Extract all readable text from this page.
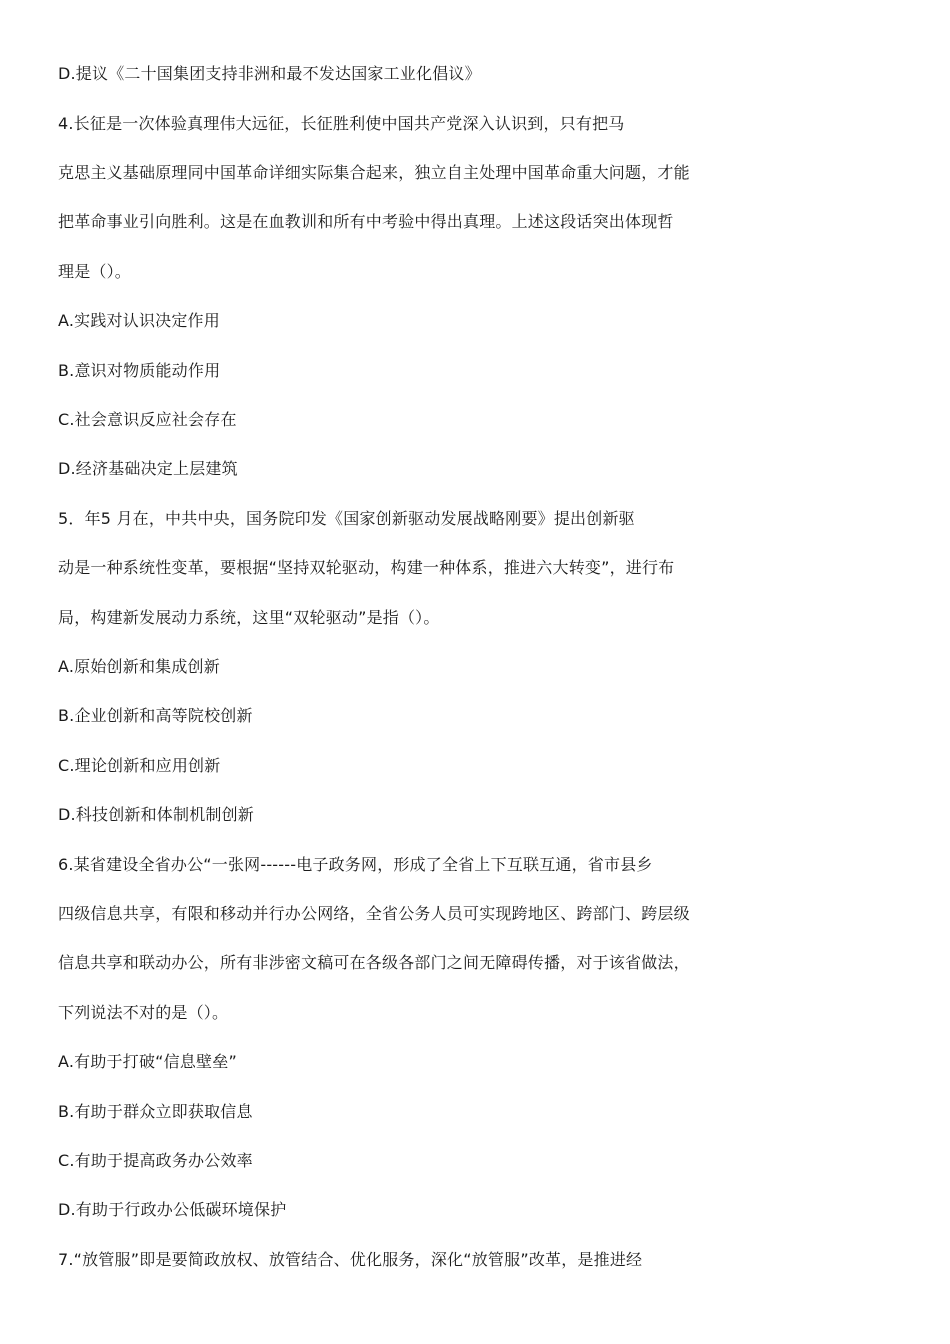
D.提议《二十国集团支持非洲和最不发达国家工业化倡议》
4.长征是一次体验真理伟大远征，长征胜利使中国共产党深入认识到，只有把马
克思主义基础原理同中国革命详细实际集合起来，独立自主处理中国革命重大问题，才能
把革命事业引向胜利。这是在血教训和所有中考验中得出真理。上述这段话突出体现哲
理是（）。
A.实践对认识决定作用
B.意识对物质能动作用
C.社会意识反应社会存在
D.经济基础决定上层建筑
5．年5 月在，中共中央，国务院印发《国家创新驱动发展战略刚要》提出创新驱
动是一种系统性变革，要根据“坚持双轮驱动，构建一种体系，推进六大转变”，进行布
局，构建新发展动力系统，这里“双轮驱动”是指（）。
A.原始创新和集成创新
B.企业创新和高等院校创新
C.理论创新和应用创新
D.科技创新和体制机制创新
6.某省建设全省办公“一张网------电子政务网，形成了全省上下互联互通，省市县乡
四级信息共享，有限和移动并行办公网络，全省公务人员可实现跨地区、跨部门、跨层级
信息共享和联动办公，所有非涉密文稿可在各级各部门之间无障碍传播，对于该省做法，
下列说法不对的是（）。
A.有助于打破“信息壁垒”
B.有助于群众立即获取信息
C.有助于提高政务办公效率
D.有助于行政办公低碳环境保护
7.“放管服”即是要简政放权、放管结合、优化服务，深化“放管服”改革，是推进经
